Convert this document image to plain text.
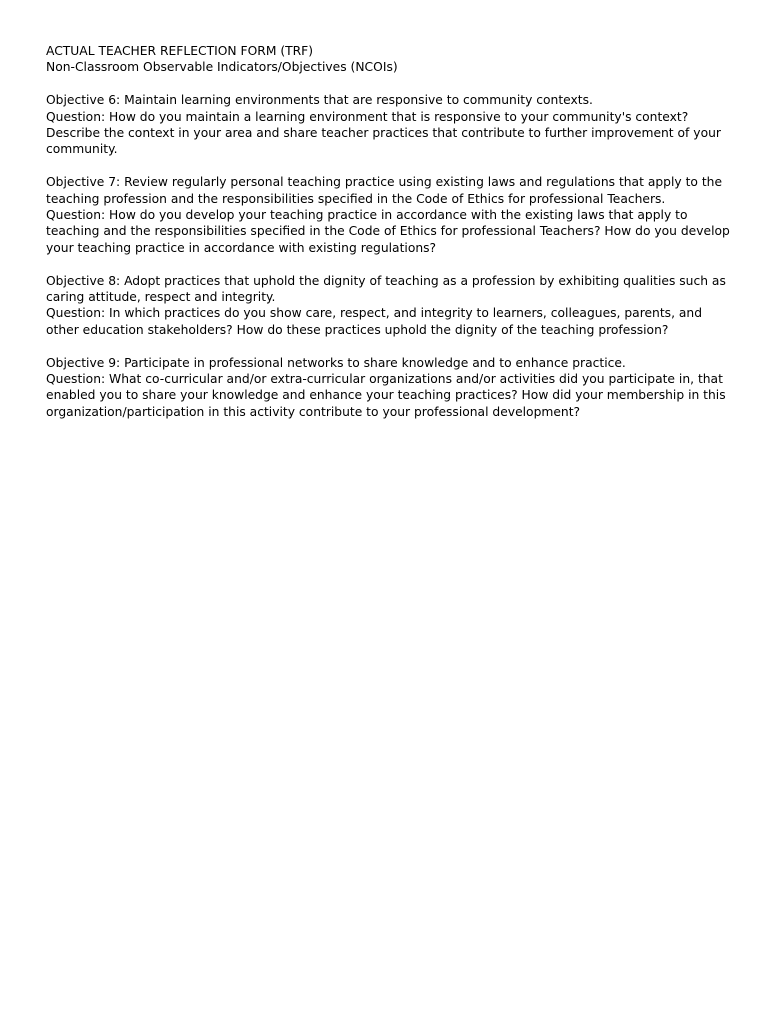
ACTUAL TEACHER REFLECTION FORM (TRF)
Non-Classroom Observable Indicators/Objectives (NCOIs)
Objective 6: Maintain learning environments that are responsive to community contexts.
Question: How do you maintain a learning environment that is responsive to your community's context? Describe the context in your area and share teacher practices that contribute to further improvement of your community.
Objective 7: Review regularly personal teaching practice using existing laws and regulations that apply to the teaching profession and the responsibilities specified in the Code of Ethics for professional Teachers.
Question: How do you develop your teaching practice in accordance with the existing laws that apply to teaching and the responsibilities specified in the Code of Ethics for professional Teachers? How do you develop your teaching practice in accordance with existing regulations?
Objective 8: Adopt practices that uphold the dignity of teaching as a profession by exhibiting qualities such as caring attitude, respect and integrity.
Question: In which practices do you show care, respect, and integrity to learners, colleagues, parents, and other education stakeholders? How do these practices uphold the dignity of the teaching profession?
Objective 9: Participate in professional networks to share knowledge and to enhance practice.
Question: What co-curricular and/or extra-curricular organizations and/or activities did you participate in, that enabled you to share your knowledge and enhance your teaching practices? How did your membership in this organization/participation in this activity contribute to your professional development?
